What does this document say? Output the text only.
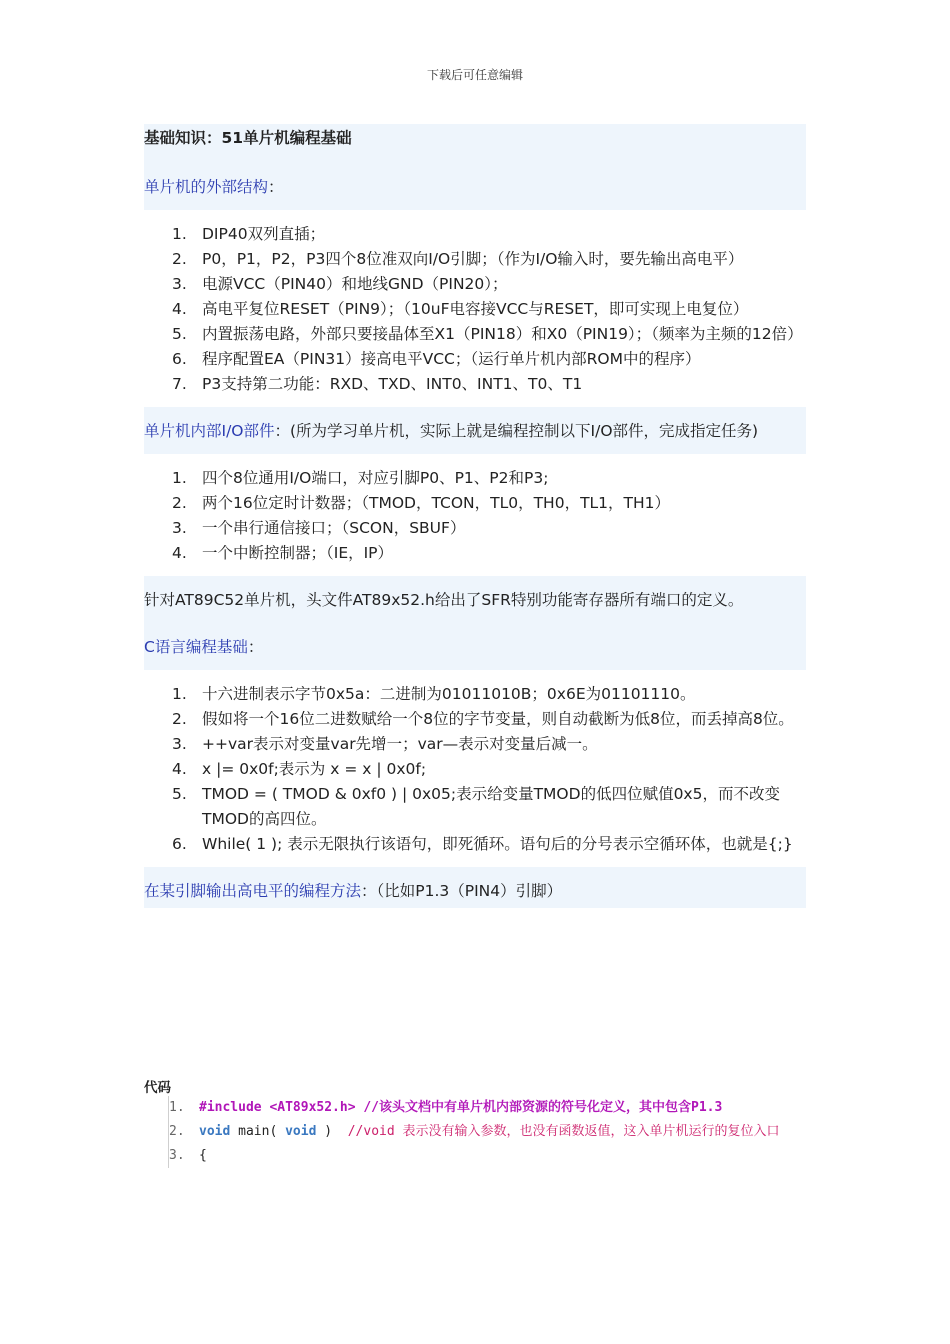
下载后可任意编辑
基础知识：51单片机编程基础
单片机的外部结构：
1. DIP40双列直插；
2. P0，P1，P2，P3四个8位准双向I/O引脚；（作为I/O输入时，要先输出高电平）
3. 电源VCC（PIN40）和地线GND（PIN20）；
4. 高电平复位RESET（PIN9）；（10uF电容接VCC与RESET，即可实现上电复位）
5. 内置振荡电路，外部只要接晶体至X1（PIN18）和X0（PIN19）；（频率为主频的12倍）
6. 程序配置EA（PIN31）接高电平VCC；（运行单片机内部ROM中的程序）
7. P3支持第二功能：RXD、TXD、INT0、INT1、T0、T1
单片机内部I/O部件：(所为学习单片机，实际上就是编程控制以下I/O部件，完成指定任务)
1. 四个8位通用I/O端口，对应引脚P0、P1、P2和P3;
2. 两个16位定时计数器；（TMOD，TCON，TL0，TH0，TL1，TH1）
3. 一个串行通信接口；（SCON，SBUF）
4. 一个中断控制器；（IE，IP）
针对AT89C52单片机，头文件AT89x52.h给出了SFR特别功能寄存器所有端口的定义。
C语言编程基础：
1. 十六进制表示字节0x5a：二进制为01011010B；0x6E为01101110。
2. 假如将一个16位二进数赋给一个8位的字节变量，则自动截断为低8位，而丢掉高8位。
3. ++var表示对变量var先增一；var—表示对变量后减一。
4. x |= 0x0f;表示为 x = x | 0x0f;
5. TMOD = ( TMOD & 0xf0 ) | 0x05;表示给变量TMOD的低四位赋值0x5，而不改变TMOD的高四位。
6. While( 1 ); 表示无限执行该语句，即死循环。语句后的分号表示空循环体，也就是{;}
在某引脚输出高电平的编程方法：（比如P1.3（PIN4）引脚）
代码
1. #include <AT89x52.h> //该头文档中有单片机内部资源的符号化定义，其中包含P1.3
2. void main( void )  //void 表示没有输入参数，也没有函数返值，这入单片机运行的复位入口
3. {
